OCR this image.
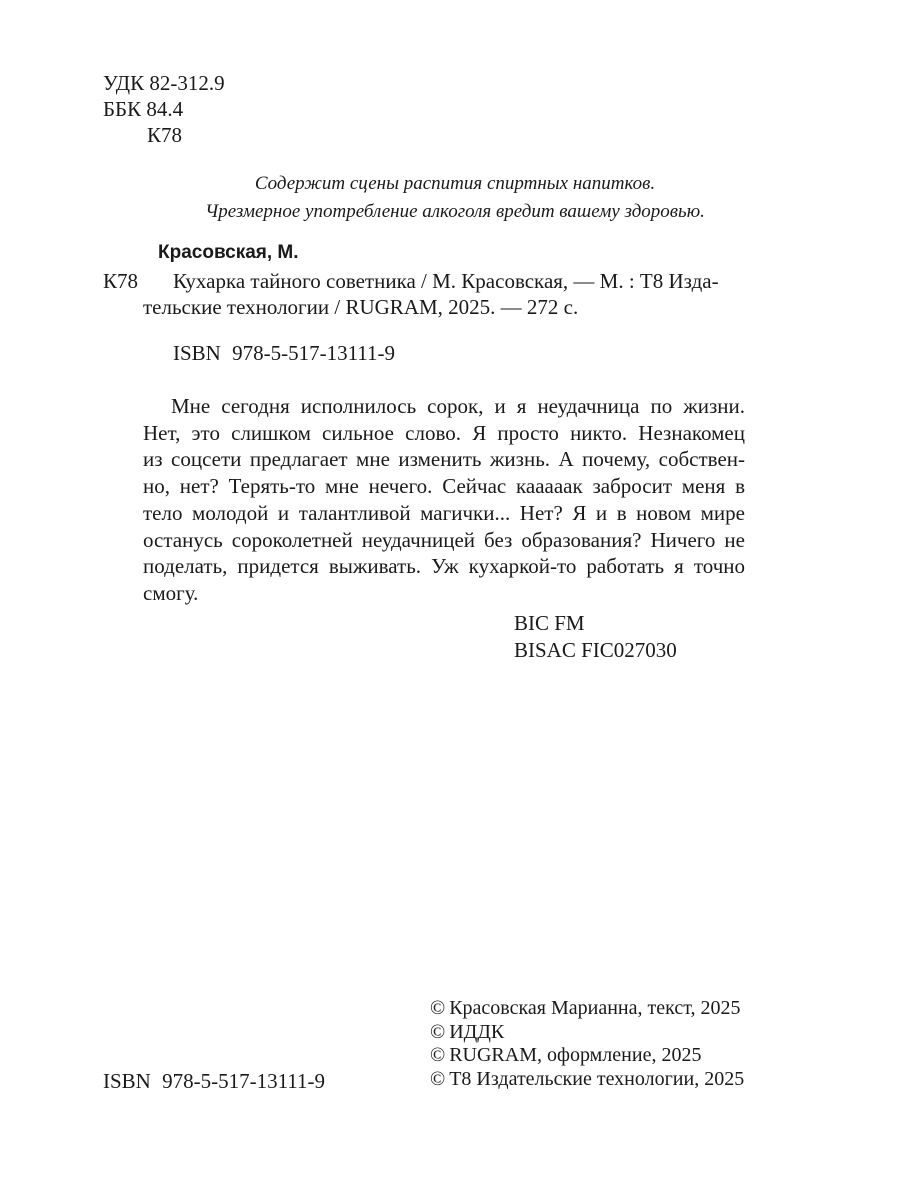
УДК 82-312.9
ББК 84.4
К78
Содержит сцены распития спиртных напитков.
Чрезмерное употребление алкоголя вредит вашему здоровью.
Красовская, М.
К78	Кухарка тайного советника / М. Красовская, — М. : Т8 Изда-
тельские технологии / RUGRAM, 2025. — 272 с.
ISBN 978-5-517-13111-9
Мне сегодня исполнилось сорок, и я неудачница по жизни.
Нет, это слишком сильное слово. Я просто никто. Незнакомец
из соцсети предлагает мне изменить жизнь. А почему, собствен-
но, нет? Терять-то мне нечего. Сейчас кааааак забросит меня в
тело молодой и талантливой магички... Нет? Я и в новом мире
останусь сороколетней неудачницей без образования? Ничего не
поделать, придется выживать. Уж кухаркой-то работать я точно
смогу.
BIC FM
BISAC FIC027030
ISBN 978-5-517-13111-9
© Красовская Марианна, текст, 2025
© ИДДК
© RUGRAM, оформление, 2025
© Т8 Издательские технологии, 2025
